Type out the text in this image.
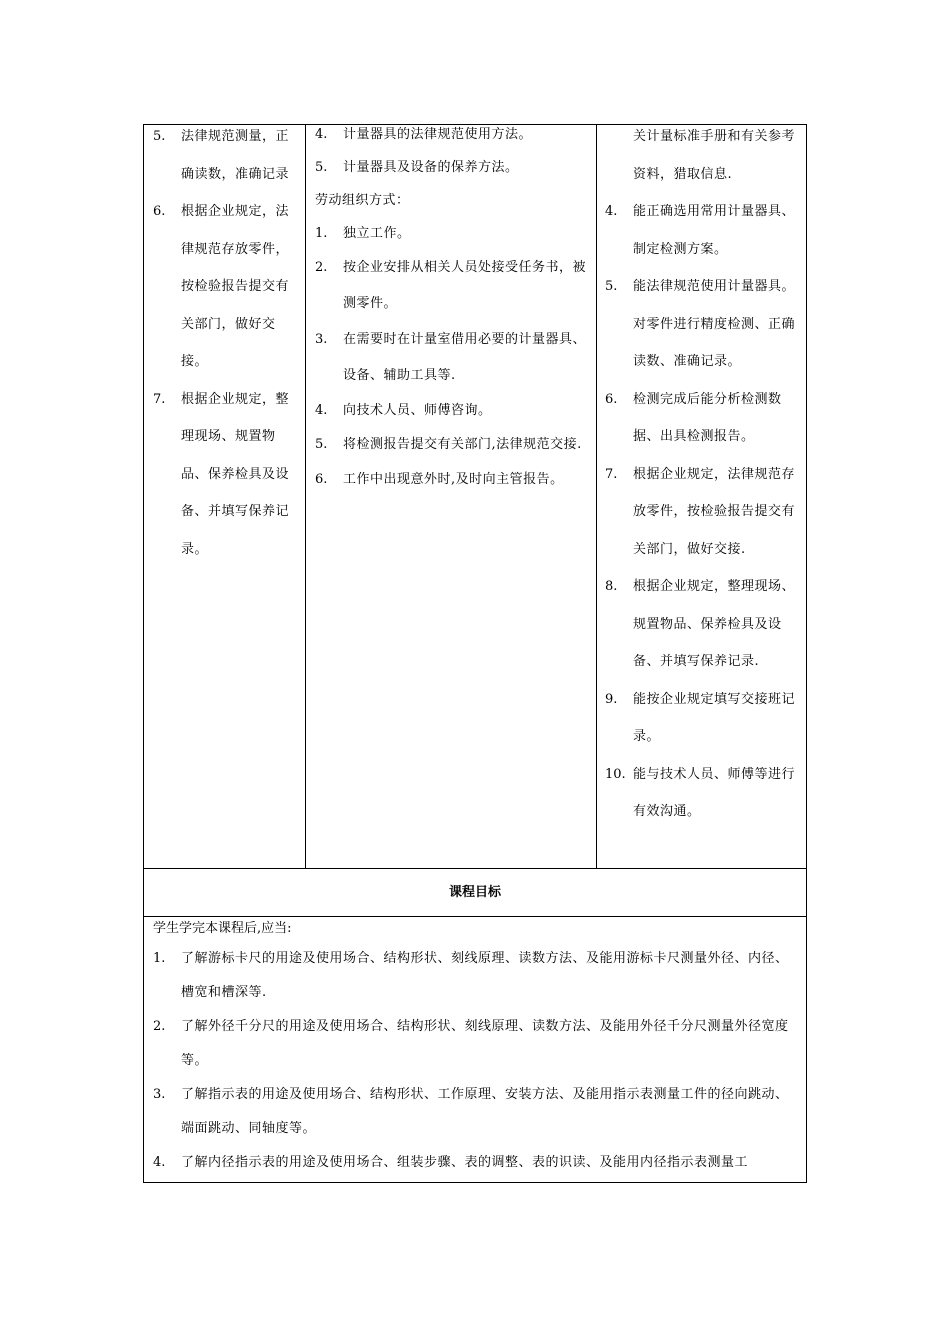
5. 法律规范测量，正确读数，准确记录
6. 根据企业规定，法律规范存放零件，按检验报告提交有关部门，做好交接。
7. 根据企业规定，整理现场、规置物品、保养检具及设备、并填写保养记录。
4. 计量器具的法律规范使用方法。
5. 计量器具及设备的保养方法。
劳动组织方式：
1. 独立工作。
2. 按企业安排从相关人员处接受任务书，被测零件。
3. 在需要时在计量室借用必要的计量器具、设备、辅助工具等.
4. 向技术人员、师傅咨询。
5. 将检测报告提交有关部门,法律规范交接.
6. 工作中出现意外时,及时向主管报告。
关计量标准手册和有关参考资料，猎取信息.
4. 能正确选用常用计量器具、制定检测方案。
5. 能法律规范使用计量器具。对零件进行精度检测、正确读数、准确记录。
6. 检测完成后能分析检测数据、出具检测报告。
7. 根据企业规定，法律规范存放零件，按检验报告提交有关部门，做好交接.
8. 根据企业规定，整理现场、规置物品、保养检具及设备、并填写保养记录.
9. 能按企业规定填写交接班记录。
10. 能与技术人员、师傅等进行有效沟通。
课程目标
学生学完本课程后,应当:
1. 了解游标卡尺的用途及使用场合、结构形状、刻线原理、读数方法、及能用游标卡尺测量外径、内径、槽宽和槽深等.
2. 了解外径千分尺的用途及使用场合、结构形状、刻线原理、读数方法、及能用外径千分尺测量外径宽度等。
3. 了解指示表的用途及使用场合、结构形状、工作原理、安装方法、及能用指示表测量工件的径向跳动、端面跳动、同轴度等。
4. 了解内径指示表的用途及使用场合、组装步骤、表的调整、表的识读、及能用内径指示表测量工
